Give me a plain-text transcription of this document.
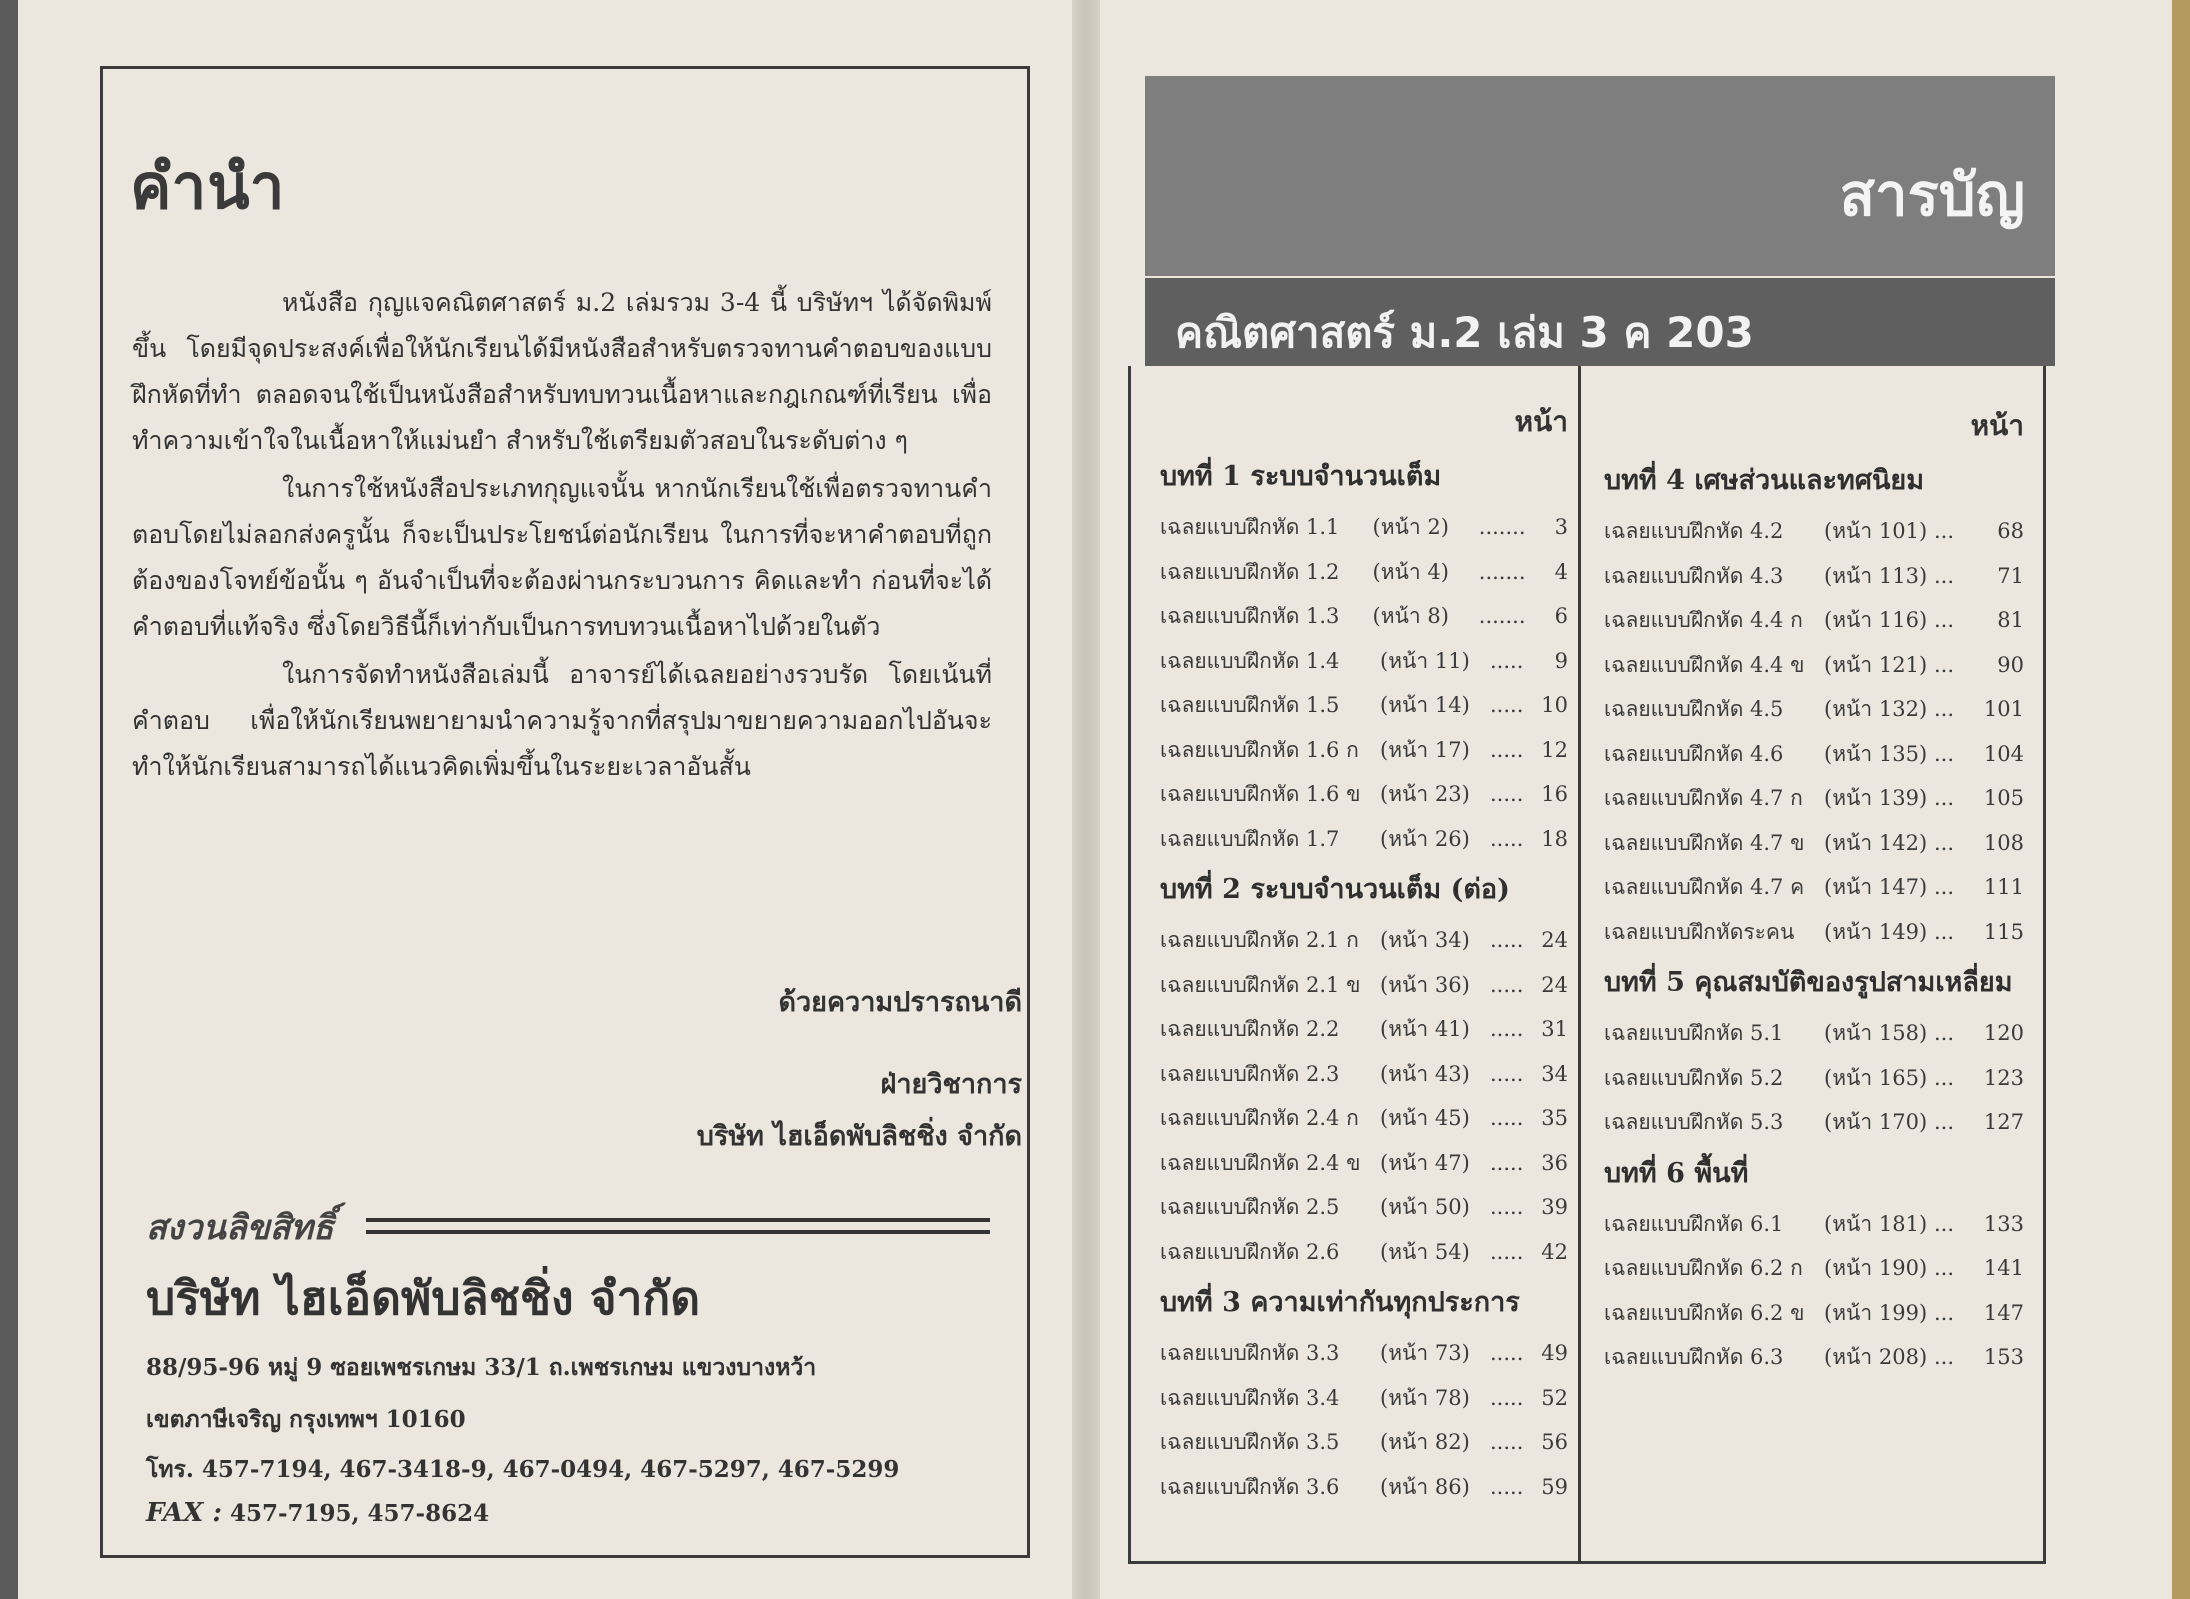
คำนำ

หนังสือ กุญแจคณิตศาสตร์ ม.2 เล่มรวม 3-4 นี้ บริษัทฯ ได้จัดพิมพ์ขึ้น โดยมีจุดประสงค์เพื่อให้นักเรียนได้มีหนังสือสำหรับตรวจทานคำตอบของแบบฝึกหัดที่ทำ ตลอดจนใช้เป็นหนังสือสำหรับทบทวนเนื้อหาและกฎเกณฑ์ที่เรียน เพื่อทำความเข้าใจในเนื้อหาให้แม่นยำ สำหรับใช้เตรียมตัวสอบในระดับต่าง ๆ

ในการใช้หนังสือประเภทกุญแจนั้น หากนักเรียนใช้เพื่อตรวจทานคำตอบโดยไม่ลอกส่งครูนั้น ก็จะเป็นประโยชน์ต่อนักเรียน ในการที่จะหาคำตอบที่ถูกต้องของโจทย์ข้อนั้น ๆ อันจำเป็นที่จะต้องผ่านกระบวนการ คิดและทำ ก่อนที่จะได้คำตอบที่แท้จริง ซึ่งโดยวิธีนี้ก็เท่ากับเป็นการทบทวนเนื้อหาไปด้วยในตัว

ในการจัดทำหนังสือเล่มนี้ อาจารย์ได้เฉลยอย่างรวบรัด โดยเน้นที่คำตอบ เพื่อให้นักเรียนพยายามนำความรู้จากที่สรุปมาขยายความออกไปอันจะทำให้นักเรียนสามารถได้แนวคิดเพิ่มขึ้นในระยะเวลาอันสั้น

ด้วยความปรารถนาดี
ฝ่ายวิชาการ
บริษัท ไฮเอ็ดพับลิชชิ่ง จำกัด
สงวนลิขสิทธิ์
บริษัท ไฮเอ็ดพับลิชชิ่ง จำกัด
88/95-96 หมู่ 9 ซอยเพชรเกษม 33/1 ถ.เพชรเกษม แขวงบางหว้า
เขตภาษีเจริญ กรุงเทพฯ 10160
โทร. 457-7194, 467-3418-9, 467-0494, 467-5297, 467-5299
FAX : 457-7195, 457-8624
สารบัญ
คณิตศาสตร์ ม.2 เล่ม 3 ค 203
หน้า
บทที่ 1 ระบบจำนวนเต็ม
เฉลยแบบฝึกหัด 1.1	(หน้า 2)	.......	3
เฉลยแบบฝึกหัด 1.2	(หน้า 4)	.......	4
เฉลยแบบฝึกหัด 1.3	(หน้า 8)	.......	6
เฉลยแบบฝึกหัด 1.4	(หน้า 11) .....	9
เฉลยแบบฝึกหัด 1.5	(หน้า 14) ..... 10
เฉลยแบบฝึกหัด 1.6 ก	(หน้า 17) ..... 12
เฉลยแบบฝึกหัด 1.6 ข (หน้า 23) ..... 16
เฉลยแบบฝึกหัด 1.7	(หน้า 26) ..... 18
บทที่ 2 ระบบจำนวนเต็ม (ต่อ)
เฉลยแบบฝึกหัด 2.1 ก	(หน้า 34) ..... 24
เฉลยแบบฝึกหัด 2.1 ข (หน้า 36) ..... 24
เฉลยแบบฝึกหัด 2.2	(หน้า 41) ..... 31
เฉลยแบบฝึกหัด 2.3	(หน้า 43) ..... 34
เฉลยแบบฝึกหัด 2.4 ก	(หน้า 45) ..... 35
เฉลยแบบฝึกหัด 2.4 ข (หน้า 47) ..... 36
เฉลยแบบฝึกหัด 2.5	(หน้า 50) ..... 39
เฉลยแบบฝึกหัด 2.6	(หน้า 54) ..... 42
บทที่ 3 ความเท่ากันทุกประการ
เฉลยแบบฝึกหัด 3.3	(หน้า 73) ..... 49
เฉลยแบบฝึกหัด 3.4	(หน้า 78) ..... 52
เฉลยแบบฝึกหัด 3.5	(หน้า 82) ..... 56
เฉลยแบบฝึกหัด 3.6	(หน้า 86) ..... 59
หน้า
บทที่ 4 เศษส่วนและทศนิยม
เฉลยแบบฝึกหัด 4.2	(หน้า 101) ...	68
เฉลยแบบฝึกหัด 4.3	(หน้า 113) ...	71
เฉลยแบบฝึกหัด 4.4 ก	(หน้า 116) ...	81
เฉลยแบบฝึกหัด 4.4 ข (หน้า 121) ...	90
เฉลยแบบฝึกหัด 4.5	(หน้า 132) ...	101
เฉลยแบบฝึกหัด 4.6	(หน้า 135) ...	104
เฉลยแบบฝึกหัด 4.7 ก	(หน้า 139) ...	105
เฉลยแบบฝึกหัด 4.7 ข (หน้า 142) ...	108
เฉลยแบบฝึกหัด 4.7 ค (หน้า 147) ...	111
เฉลยแบบฝึกหัดระคน	(หน้า 149) ...	115
บทที่ 5 คุณสมบัติของรูปสามเหลี่ยม
เฉลยแบบฝึกหัด 5.1	(หน้า 158) ...	120
เฉลยแบบฝึกหัด 5.2	(หน้า 165) ...	123
เฉลยแบบฝึกหัด 5.3	(หน้า 170) ...	127
บทที่ 6 พื้นที่
เฉลยแบบฝึกหัด 6.1	(หน้า 181) ...	133
เฉลยแบบฝึกหัด 6.2 ก	(หน้า 190) ...	141
เฉลยแบบฝึกหัด 6.2 ข (หน้า 199) ...	147
เฉลยแบบฝึกหัด 6.3	(หน้า 208) ...	153
